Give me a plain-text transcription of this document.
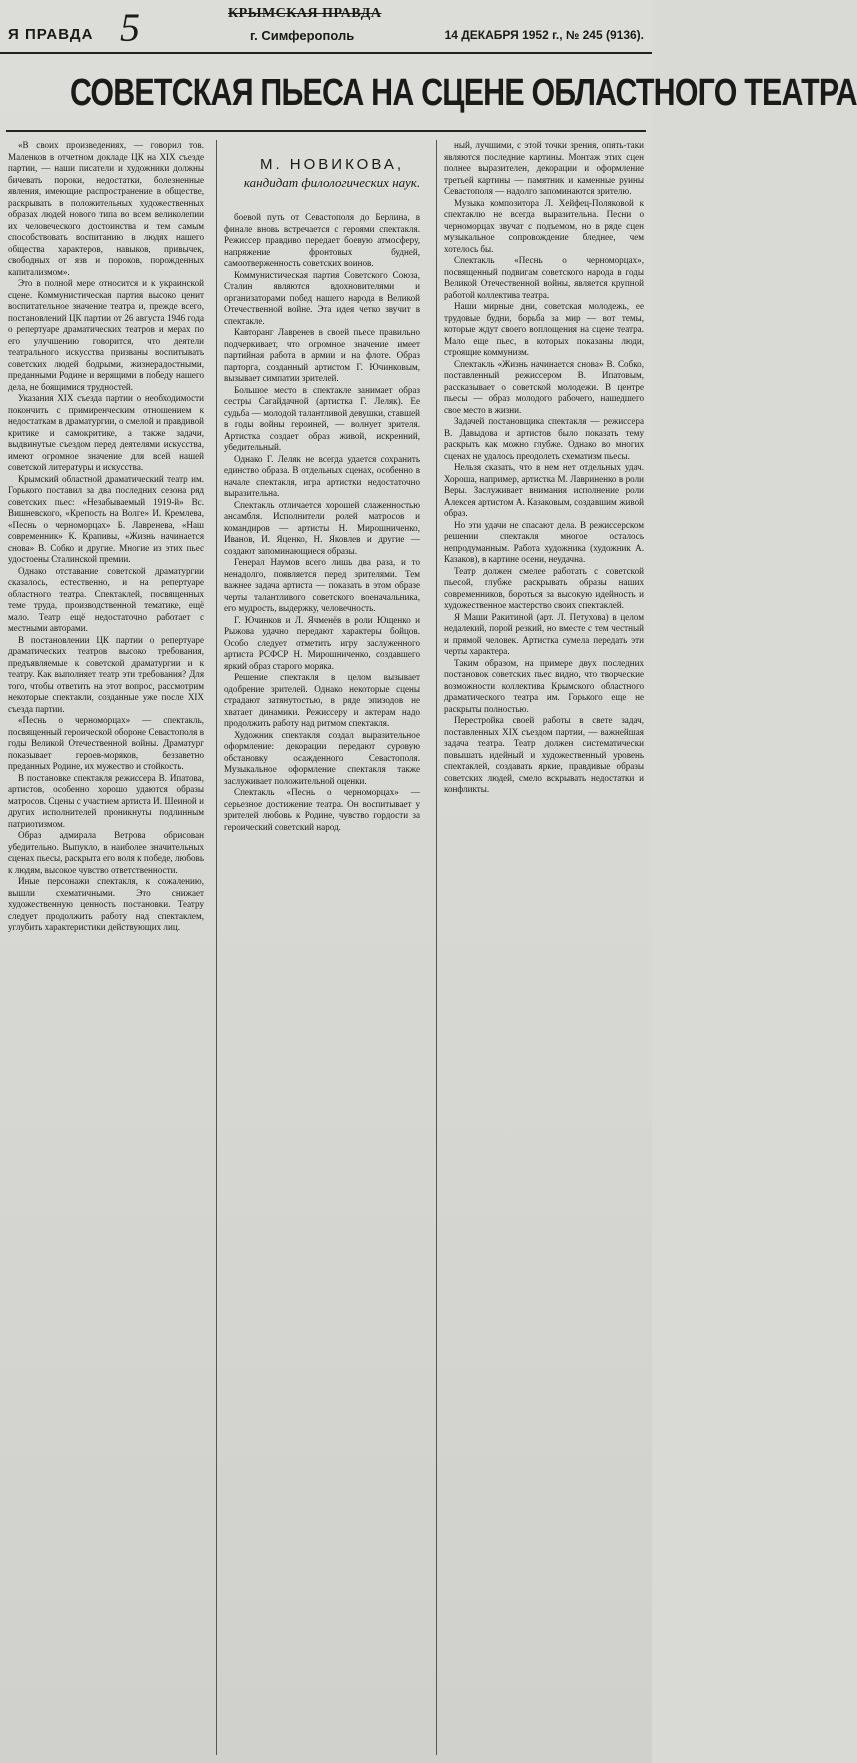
Я ПРАВДА 5	КРЫМСКАЯ ПРАВДА
г. Симферополь	14 ДЕКАБРЯ 1952 г., № 245 (9136).
СОВЕТСКАЯ ПЬЕСА НА СЦЕНЕ ОБЛАСТНОГО ТЕАТРА
М. НОВИКОВА,
кандидат филологических наук.

«В своих произведениях, — говорил тов. Маленков в отчетном докладе ЦК на XIX съезде партии, — наши писатели и художники должны бичевать пороки, недостатки, болезненные явления, имеющие распространение в обществе, раскрывать в положительных художественных образах людей нового типа во всем великолепии их человеческого достоинства и тем самым способствовать воспитанию в людях нашего общества характеров, навыков, привычек, свободных от язв и пороков, порожденных капитализмом».

Это в полной мере относится и к украинской сцене. Коммунистическая партия высоко ценит воспитательное значение театра и, прежде всего, постановлений ЦК партии от 26 августа 1946 года о репертуаре драматических театров и мерах по его улучшению говорится, что деятели театрального искусства призваны воспитывать советских людей бодрыми, жизнерадостными, преданными Родине и верящими в победу нашего дела, не боящимися трудностей.

Указания XIX съезда партии о необходимости покончить с примиренческим отношением к недостаткам в драматургии, о смелой и правдивой критике и самокритике, а также задачи, выдвинутые съездом перед деятелями искусства, имеют огромное значение для всей нашей советской литературы и искусства.

Крымский областной драматический театр им. Горького поставил за два последних сезона ряд советских пьес: «Незабываемый 1919-й» Вс. Вишневского, «Крепость на Волге» И. Кремлева, «Песнь о черноморцах» Б. Лавренева, «Наш современник» К. Крапивы, «Жизнь начинается снова» В. Собко и другие. Многие из этих пьес удостоены Сталинской премии.

Однако отставание советской драматургии сказалось, естественно, и на репертуаре областного театра. Спектаклей, посвященных теме труда, производственной тематике, ещё мало. Театр ещё недостаточно работает с местными авторами.

В постановлении ЦК партии о репертуаре драматических театров высоко требования, предъявляемые к советской драматургии и к театру. Как выполняет театр эти требования? Для того, чтобы ответить на этот вопрос, рассмотрим некоторые спектакли, созданные уже после XIX съезда партии.

«Песнь о черноморцах» — спектакль, посвященный героической обороне Севастополя в годы Великой Отечественной войны. Драматург показывает героев-моряков, беззаветно преданных Родине, их мужество и стойкость.

В постановке спектакля режиссера В. Ипатова, артистов, особенно хорошо удаются образы матросов. Сцены с участием артиста И. Шеиной и других исполнителей проникнуты подлинным патриотизмом.

Образ адмирала Ветрова обрисован убедительно. Выпукло, в наиболее значительных сценах пьесы, раскрыта его воля к победе, любовь к людям, высокое чувство ответственности.

Иные персонажи спектакля, к сожалению, вышли схематичными. Это снижает художественную ценность постановки. Театру следует продолжить работу над спектаклем, углубить характеристики действующих лиц.

боевой путь от Севастополя до Берлина, в финале вновь встречается с героями спектакля. Режиссер правдиво передает боевую атмосферу, напряжение фронтовых будней, самоотверженность советских воинов.

Коммунистическая партия Советского Союза, Сталин являются вдохновителями и организаторами побед нашего народа в Великой Отечественной войне. Эта идея четко звучит в спектакле.

Кавторанг Лавренев в своей пьесе правильно подчеркивает, что огромное значение имеет партийная работа в армии и на флоте. Образ парторга, созданный артистом Г. Ючинковым, вызывает симпатии зрителей.

Большое место в спектакле занимает образ сестры Сагайдачной (артистка Г. Леляк). Ее судьба — молодой талантливой девушки, ставшей в годы войны героиней, — волнует зрителя. Артистка создает образ живой, искренний, убедительный.

Однако Г. Леляк не всегда удается сохранить единство образа. В отдельных сценах, особенно в начале спектакля, игра артистки недостаточно выразительна.

Спектакль отличается хорошей слаженностью ансамбля. Исполнители ролей матросов и командиров — артисты Н. Мирошниченко, Иванов, И. Яценко, Н. Яковлев и другие — создают запоминающиеся образы.

Генерал Наумов всего лишь два раза, и то ненадолго, появляется перед зрителями. Тем важнее задача артиста — показать в этом образе черты талантливого советского военачальника, его мудрость, выдержку, человечность.

Г. Ючинков и Л. Ячменёв в роли Ющенко и Рыжова удачно передают характеры бойцов. Особо следует отметить игру заслуженного артиста РСФСР Н. Мирошниченко, создавшего яркий образ старого моряка.

Решение спектакля в целом вызывает одобрение зрителей. Однако некоторые сцены страдают затянутостью, в ряде эпизодов не хватает динамики. Режиссеру и актерам надо продолжить работу над ритмом спектакля.

Художник спектакля создал выразительное оформление: декорации передают суровую обстановку осажденного Севастополя. Музыкальное оформление спектакля также заслуживает положительной оценки.

Спектакль «Песнь о черноморцах» — серьезное достижение театра. Он воспитывает у зрителей любовь к Родине, чувство гордости за героический советский народ.

ный, лучшими, с этой точки зрения, опять-таки являются последние картины. Монтаж этих сцен полнее выразителен, декорации и оформление третьей картины — памятник и каменные руины Севастополя — надолго запоминаются зрителю.

Музыка композитора Л. Хейфец-Поляковой к спектаклю не всегда выразительна. Песни о черноморцах звучат с подъемом, но в ряде сцен музыкальное сопровождение бледнее, чем хотелось бы.

Спектакль «Песнь о черноморцах», посвященный подвигам советского народа в годы Великой Отечественной войны, является крупной работой коллектива театра.

Наши мирные дни, советская молодежь, ее трудовые будни, борьба за мир — вот темы, которые ждут своего воплощения на сцене театра. Мало еще пьес, в которых показаны люди, строящие коммунизм.

Спектакль «Жизнь начинается снова» В. Собко, поставленный режиссером В. Ипатовым, рассказывает о советской молодежи. В центре пьесы — образ молодого рабочего, нашедшего свое место в жизни.

Задачей постановщика спектакля — режиссера В. Давыдова и артистов было показать тему раскрыть как можно глубже. Однако во многих сценах не удалось преодолеть схематизм пьесы.

Нельзя сказать, что в нем нет отдельных удач. Хороша, например, артистка М. Лавриненко в роли Веры. Заслуживает внимания исполнение роли Алексея артистом А. Казаковым, создавшим живой образ.

Но эти удачи не спасают дела. В режиссерском решении спектакля многое осталось непродуманным. Работа художника (художник А. Казаков), в картине осени, неудачна.

Театр должен смелее работать с советской пьесой, глубже раскрывать образы наших современников, бороться за высокую идейность и художественное мастерство своих спектаклей.

Я Маши Ракитиной (арт. Л. Петухова) в целом недалекий, порой резкий, но вместе с тем честный и прямой человек. Артистка сумела передать эти черты характера.

Таким образом, на примере двух последних постановок советских пьес видно, что творческие возможности коллектива Крымского областного драматического театра им. Горького еще не раскрыты полностью.

Перестройка своей работы в свете задач, поставленных XIX съездом партии, — важнейшая задача театра. Театр должен систематически повышать идейный и художественный уровень спектаклей, создавать яркие, правдивые образы советских людей, смело вскрывать недостатки и конфликты.
